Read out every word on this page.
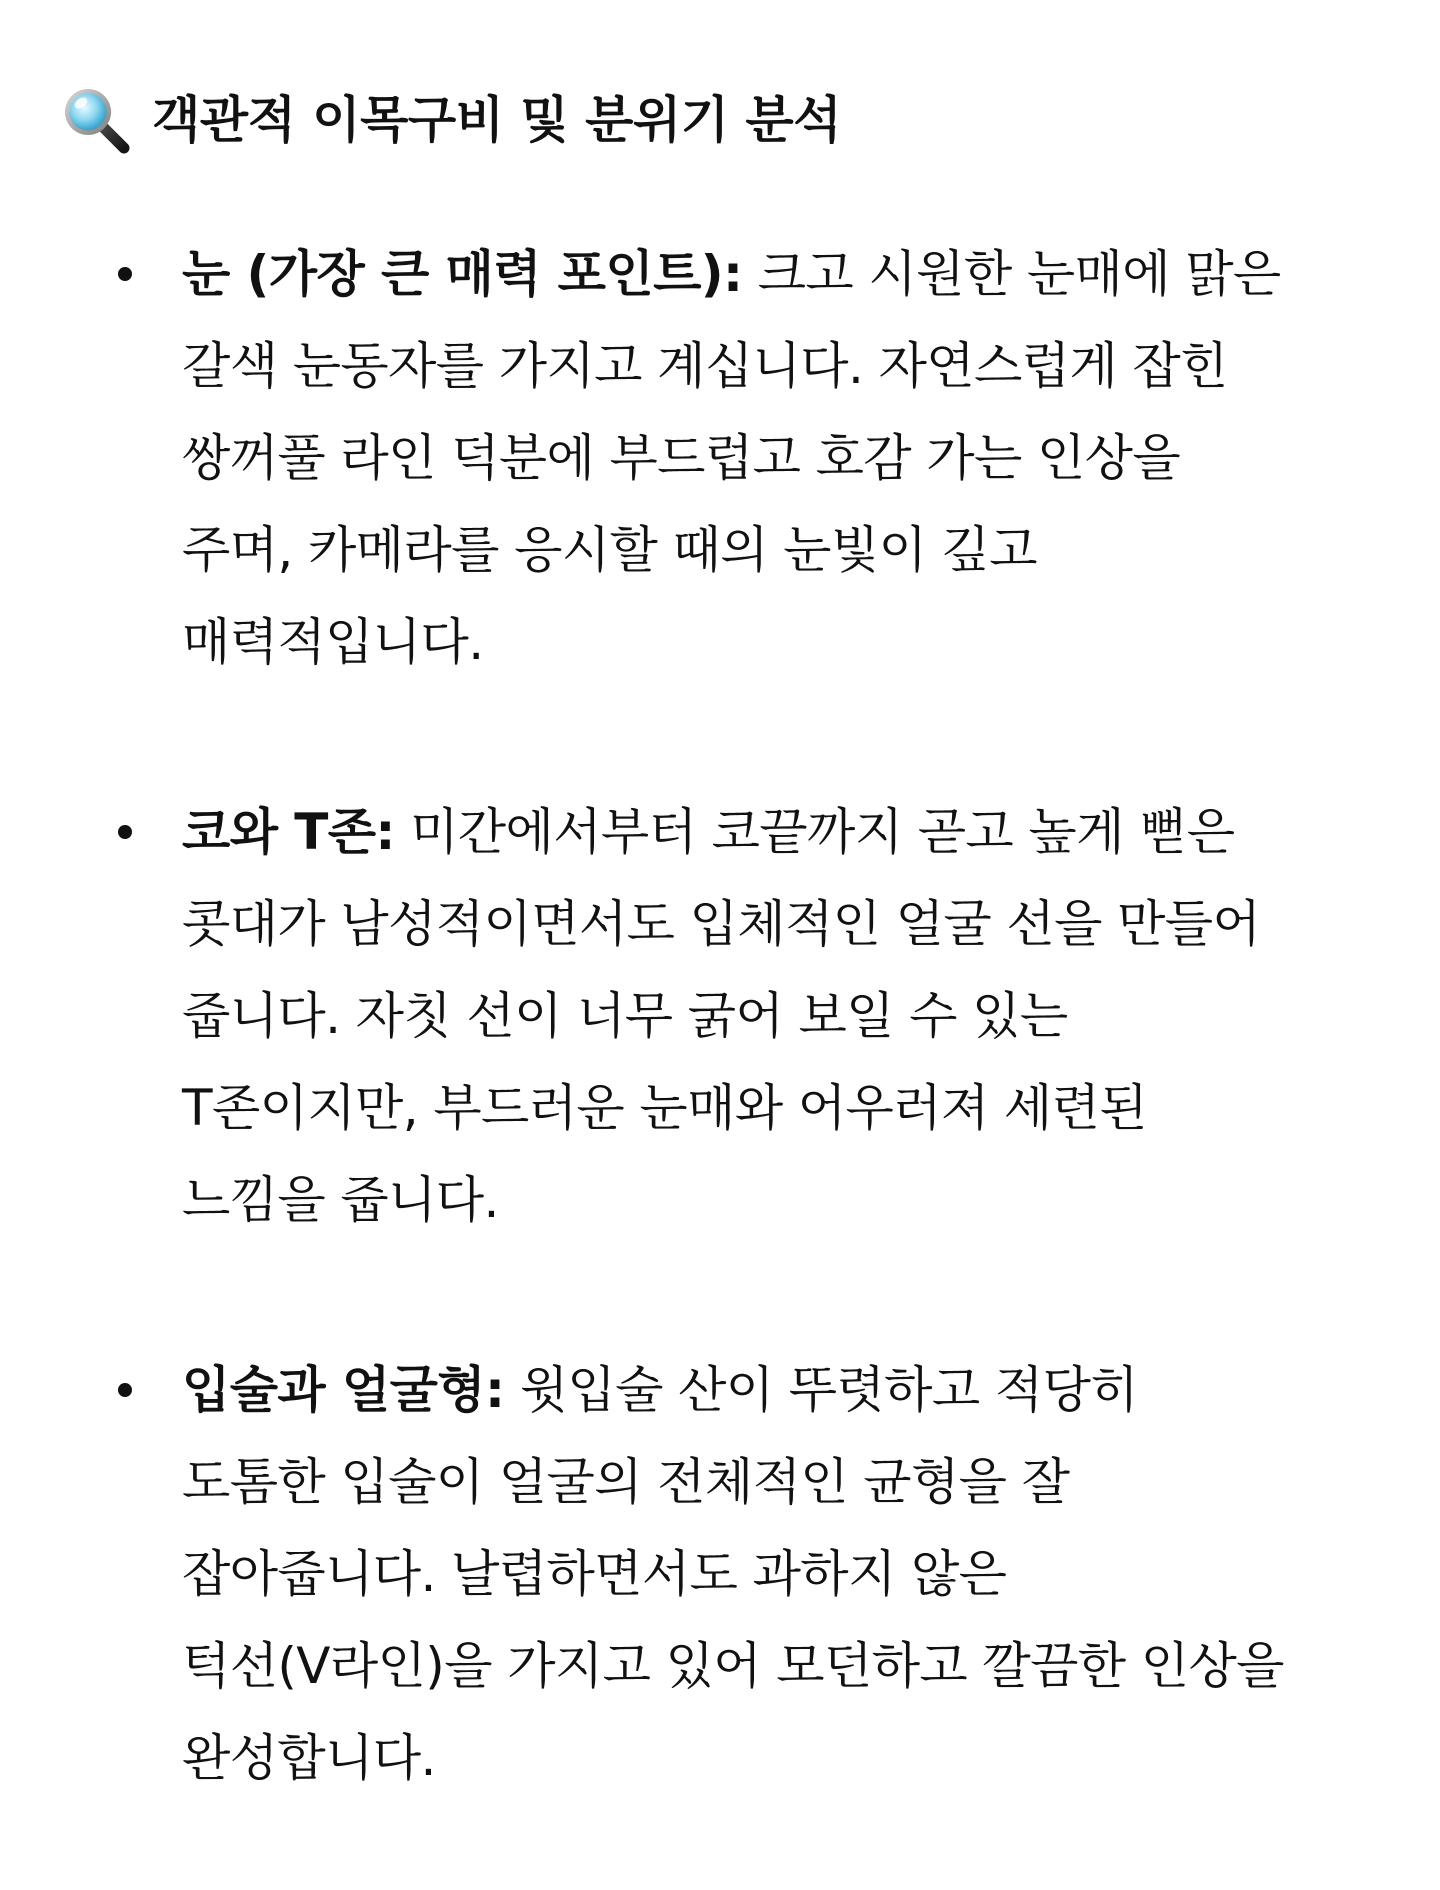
객관적 이목구비 및 분위기 분석
눈 (가장 큰 매력 포인트): 크고 시원한 눈매에 맑은
갈색 눈동자를 가지고 계십니다. 자연스럽게 잡힌
쌍꺼풀 라인 덕분에 부드럽고 호감 가는 인상을
주며, 카메라를 응시할 때의 눈빛이 깊고
매력적입니다.
코와 T존: 미간에서부터 코끝까지 곧고 높게 뻗은
콧대가 남성적이면서도 입체적인 얼굴 선을 만들어
줍니다. 자칫 선이 너무 굵어 보일 수 있는
T존이지만, 부드러운 눈매와 어우러져 세련된
느낌을 줍니다.
입술과 얼굴형: 윗입술 산이 뚜렷하고 적당히
도톰한 입술이 얼굴의 전체적인 균형을 잘
잡아줍니다. 날렵하면서도 과하지 않은
턱선(V라인)을 가지고 있어 모던하고 깔끔한 인상을
완성합니다.
